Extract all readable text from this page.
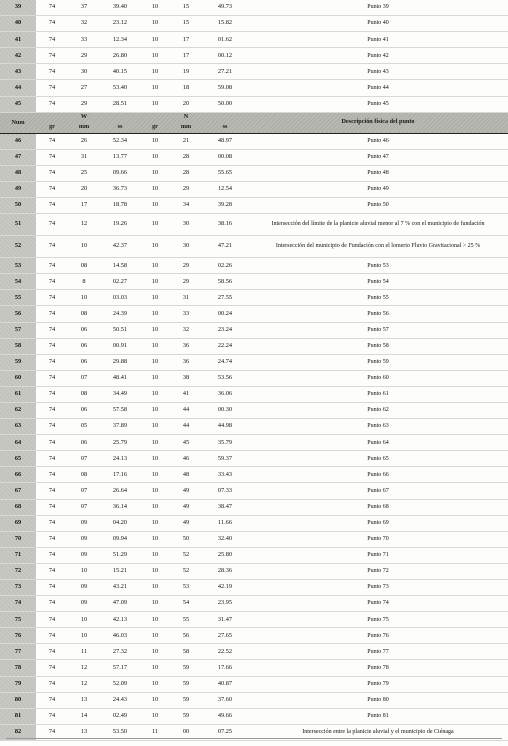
39	74	37	39.40	10	15	49.73	Punto 39
40	74	32	23.12	10	15	15.82	Punto 40
41	74	33	12.34	10	17	01.62	Punto 41
42	74	29	26.80	10	17	00.12	Punto 42
43	74	30	40.15	10	19	27.21	Punto 43
44	74	27	53.40	10	18	59.08	Punto 44
45	74	29	28.51	10	20	50.00	Punto 45
Num		W			N		Descripción física del punto
	gr	mm	ss	gr	mm	ss	
46	74	26	52.34	10	21	48.97	Punto 46
47	74	31	13.77	10	28	00.08	Punto 47
48	74	25	09.66	10	28	55.65	Punto 48
49	74	20	36.73	10	29	12.54	Punto 49
50	74	17	18.78	10	34	39.28	Punto 50
51	74	12	19.26	10	30	38.16	Intersección del límite de la planicie aluvial menor al 7 % con el municipio de fundación
52	74	10	42.37	10	30	47.21	Intersección del municipio de Fundación con el lomerio Fluvio Gravitacional > 25 %
53	74	08	14.58	10	29	02.26	Punto 53
54	74	8	02.27	10	29	58.56	Punto 54
55	74	10	03.03	10	31	27.55	Punto 55
56	74	08	24.39	10	33	00.24	Punto 56
57	74	06	50.51	10	32	23.24	Punto 57
58	74	06	00.91	10	36	22.24	Punto 58
59	74	06	29.88	10	36	24.74	Punto 59
60	74	07	48.41	10	38	53.56	Punto 60
61	74	08	34.49	10	41	36.06	Punto 61
62	74	06	57.58	10	44	00.30	Punto 62
63	74	05	37.89	10	44	44.98	Punto 63
64	74	06	25.79	10	45	35.79	Punto 64
65	74	07	24.13	10	46	59.37	Punto 65
66	74	08	17.16	10	48	33.43	Punto 66
67	74	07	26.64	10	49	07.33	Punto 67
68	74	07	36.14	10	49	38.47	Punto 68
69	74	09	04.20	10	49	11.66	Punto 69
70	74	09	09.94	10	50	32.40	Punto 70
71	74	09	51.29	10	52	25.80	Punto 71
72	74	10	15.21	10	52	28.36	Punto 72
73	74	09	43.21	10	53	42.19	Punto 73
74	74	09	47.09	10	54	23.95	Punto 74
75	74	10	42.13	10	55	31.47	Punto 75
76	74	10	46.03	10	56	27.65	Punto 76
77	74	11	27.32	10	58	22.52	Punto 77
78	74	12	57.17	10	59	17.66	Punto 78
79	74	12	52.09	10	59	40.87	Punto 79
80	74	13	24.43	10	59	37.60	Punto 80
81	74	14	02.49	10	59	49.66	Punto 81
82	74	13	53.50	11	00	07.25	Intersección entre la planicie aluvial y el municipio de Ciénaga
